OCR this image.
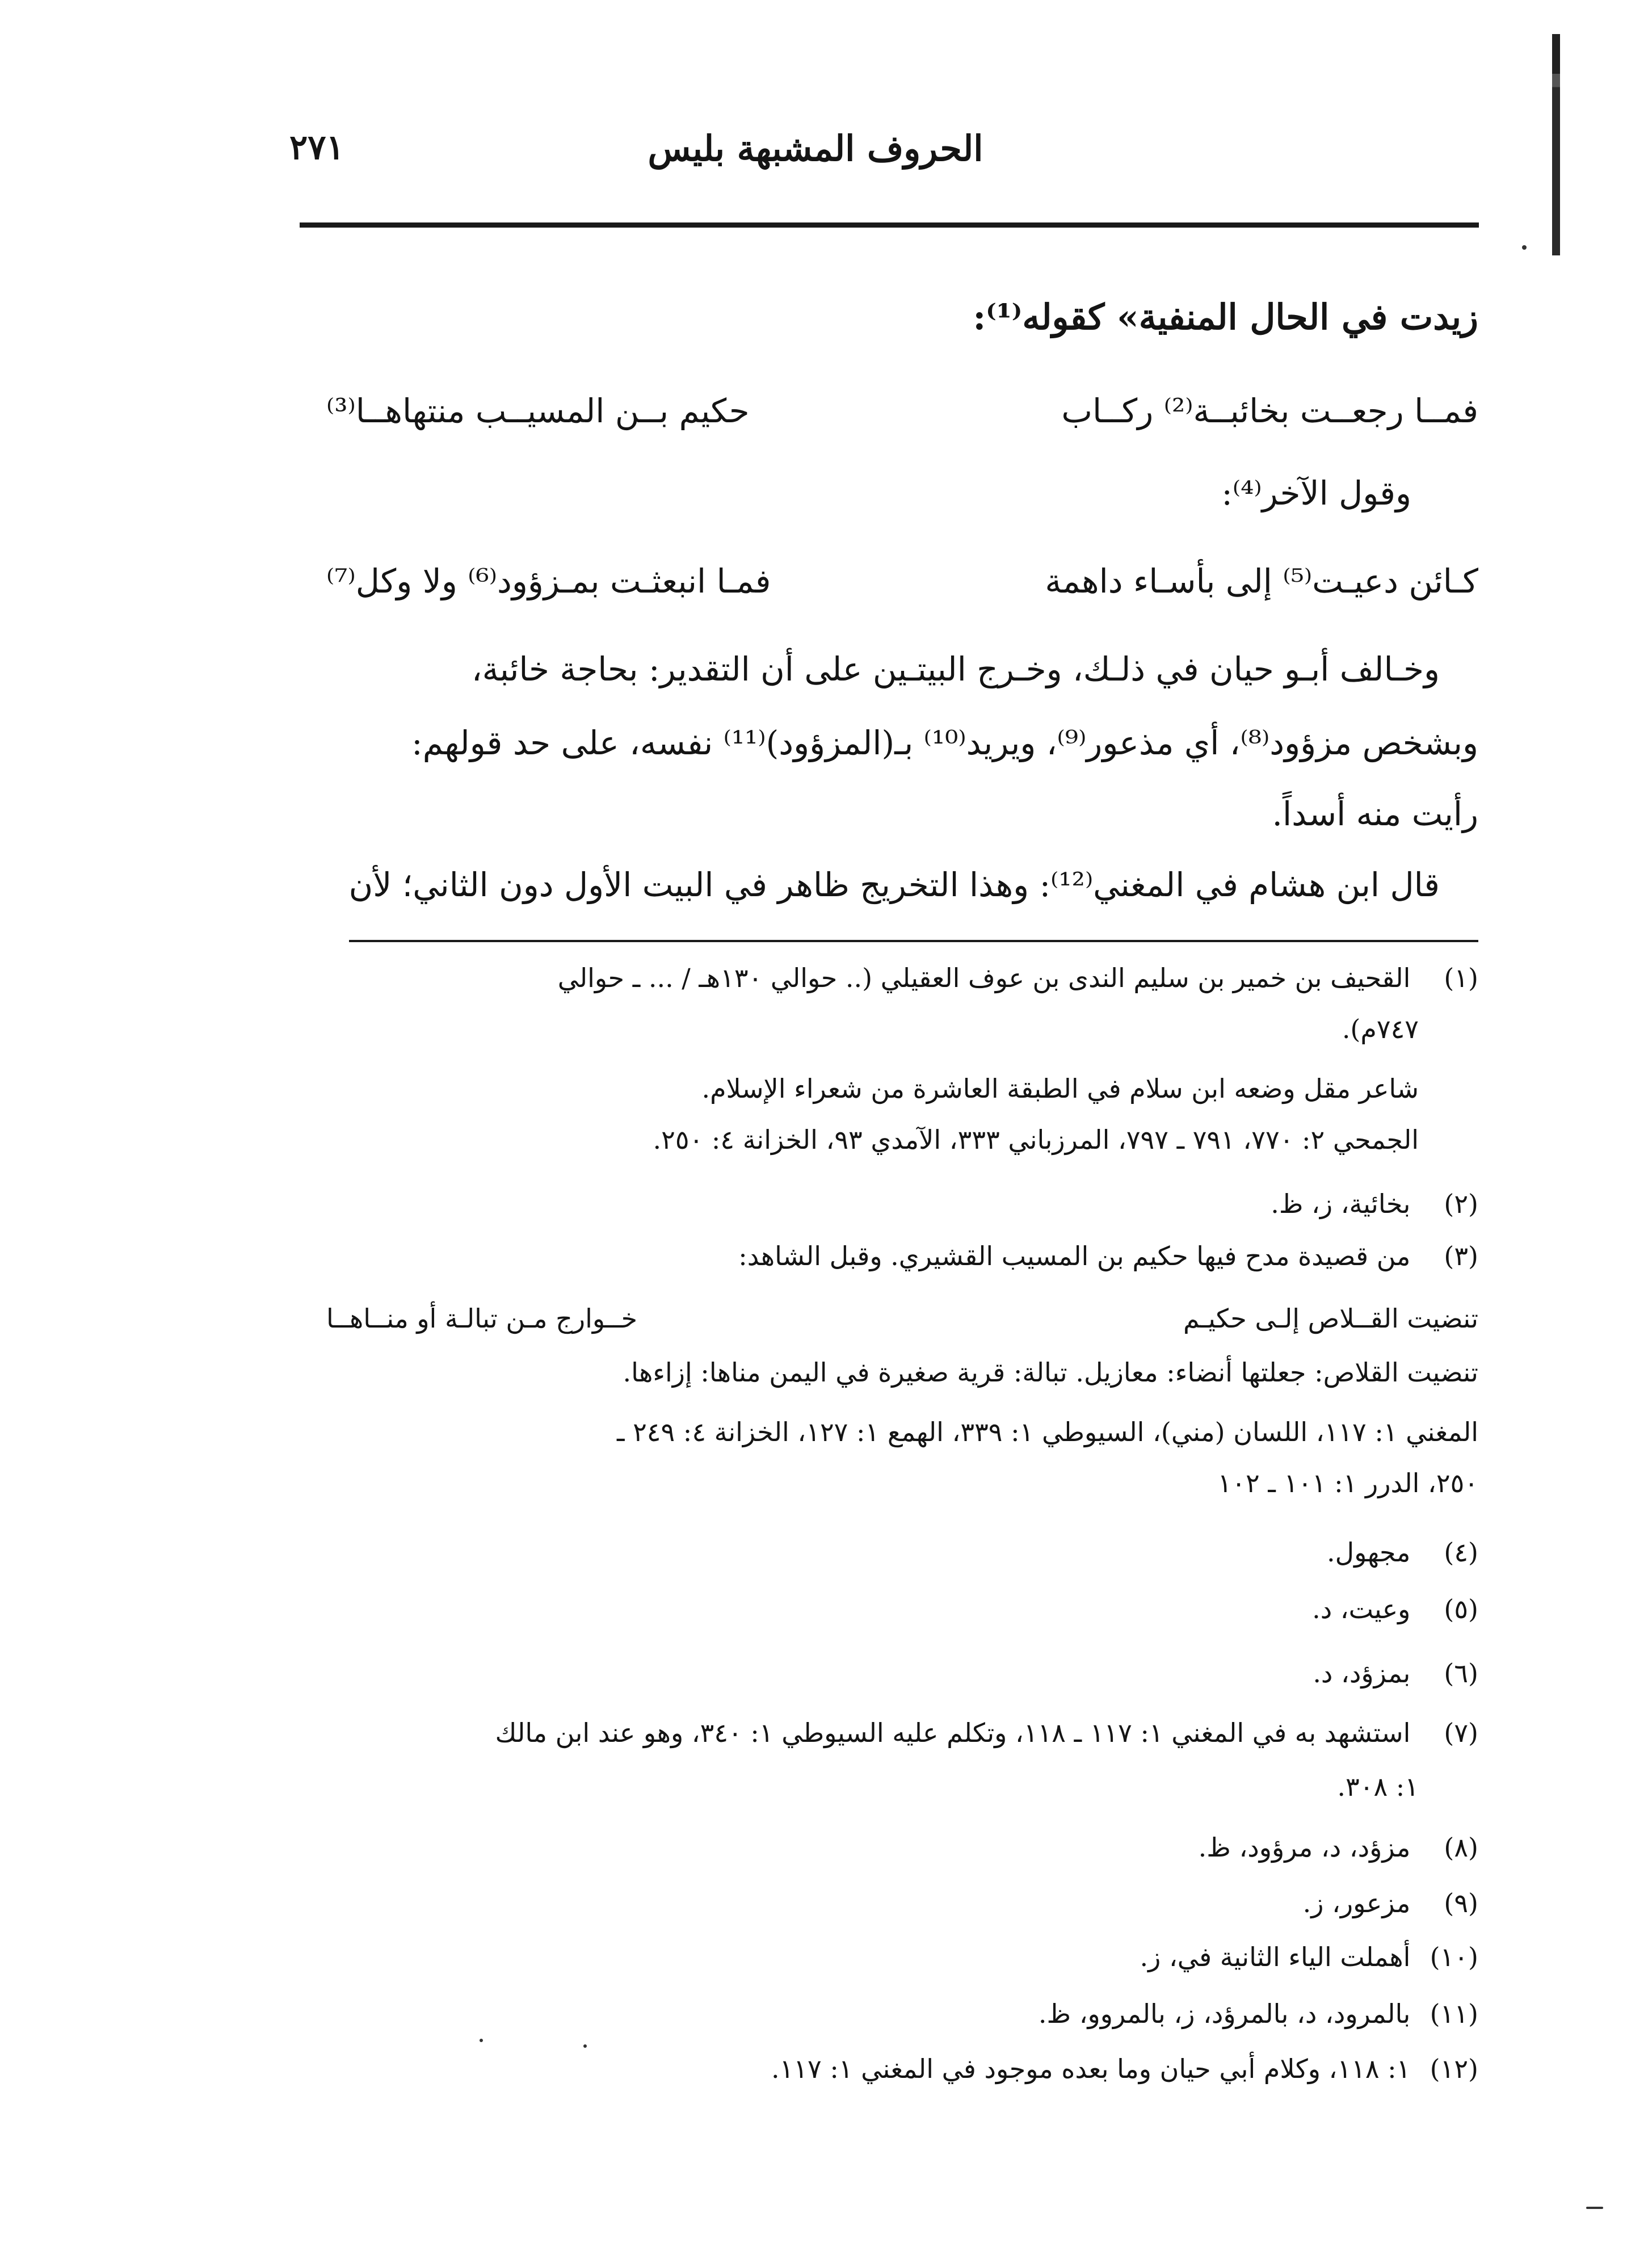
الحروف المشبهة بليس
٢٧١
زيدت في الحال المنفية» كقوله⁽¹⁾:
فمــا رجعــت بخائبــة⁽²⁾ ركــاب
حكيم بــن المسيــب منتهاهــا⁽³⁾
وقول الآخر⁽⁴⁾:
كـائن دعيـت⁽⁵⁾ إلى بأسـاء داهمة
فمـا انبعثـت بمـزؤود⁽⁶⁾ ولا وكل⁽⁷⁾
وخـالف أبـو حيان في ذلـك، وخـرج البيتـين على أن التقدير: بحاجة خائبة،
وبشخص مزؤود⁽⁸⁾، أي مذعور⁽⁹⁾، ويريد⁽¹⁰⁾ بـ(المزؤود)⁽¹¹⁾ نفسه، على حد قولهم:
رأيت منه أسداً.
قال ابن هشام في المغني⁽¹²⁾: وهذا التخريج ظاهر في البيت الأول دون الثاني؛ لأن
(١) القحيف بن خمير بن سليم الندى بن عوف العقيلي (.. حوالي ١٣٠هـ / ... ـ حوالي
٧٤٧م).
شاعر مقل وضعه ابن سلام في الطبقة العاشرة من شعراء الإسلام.
الجمحي ٢: ٧٧٠، ٧٩١ ـ ٧٩٧، المرزباني ٣٣٣، الآمدي ٩٣، الخزانة ٤: ٢٥٠.
(٢) بخائية، ز، ظ.
(٣) من قصيدة مدح فيها حكيم بن المسيب القشيري. وقبل الشاهد:
تنضيت القــلاص إلـى حكيـم
خــوارج مـن تبالـة أو منــاهــا
تنضيت القلاص: جعلتها أنضاء: معازيل. تبالة: قرية صغيرة في اليمن مناها: إزاءها.
المغني ١: ١١٧، اللسان (مني)، السيوطي ١: ٣٣٩، الهمع ١: ١٢٧، الخزانة ٤: ٢٤٩ ـ
٢٥٠، الدرر ١: ١٠١ ـ ١٠٢
(٤) مجهول.
(٥) وعيت، د.
(٦) بمزؤد، د.
(٧) استشهد به في المغني ١: ١١٧ ـ ١١٨، وتكلم عليه السيوطي ١: ٣٤٠، وهو عند ابن مالك
١: ٣٠٨.
(٨) مزؤد، د، مرؤود، ظ.
(٩) مزعور، ز.
(١٠) أهملت الياء الثانية في، ز.
(١١) بالمرود، د، بالمرؤد، ز، بالمروو، ظ.
(١٢) ١: ١١٨، وكلام أبي حيان وما بعده موجود في المغني ١: ١١٧.
